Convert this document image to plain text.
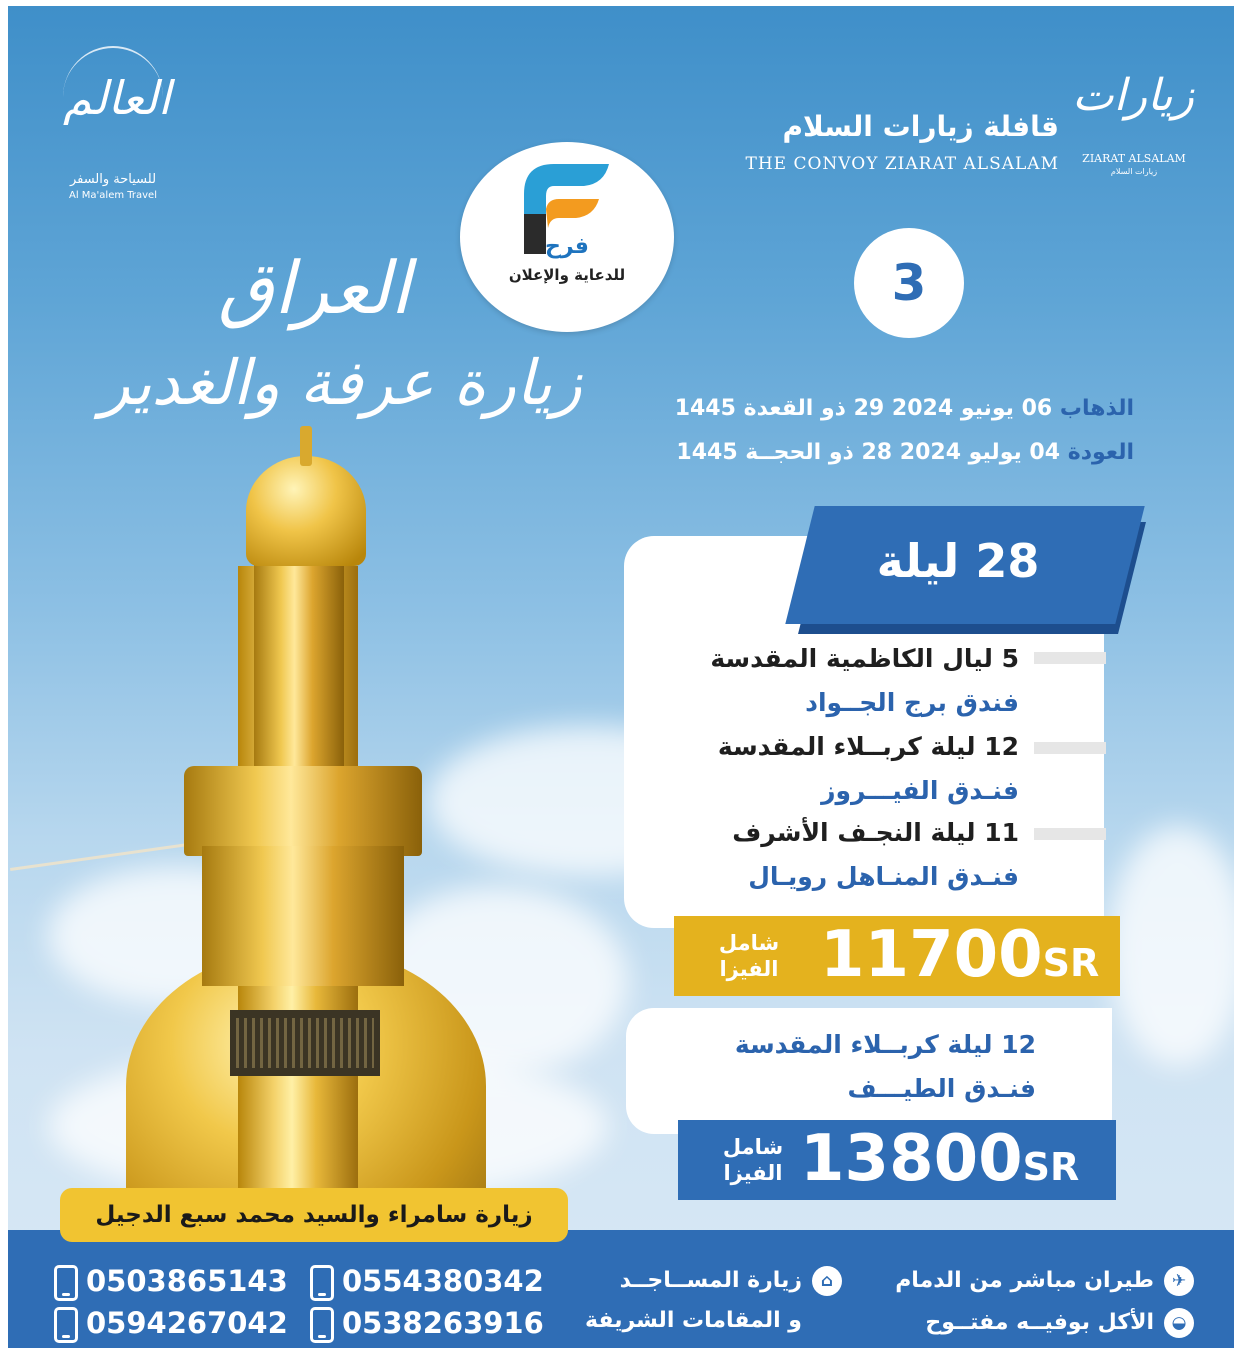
العالم
للسياحة والسفر
Al Ma'alem Travel
قافلة زيارات السلام
THE CONVOY ZIARAT ALSALAM
زيارات
ZIARAT ALSALAM
زيارات السلام
فرح
للدعاية والإعلان	3
العراق
زيارة عرفة والغدير	الذهاب 06 يونيو 2024 29 ذو القعدة 1445
العودة 04 يوليو 2024 28 ذو الحجــة 1445
28 ليلة
5 ليال الكاظمية المقدسة
فندق برج الجــواد
12 ليلة كربــلاء المقدسة
فنـدق الفيـــروز
11 ليلة النجـف الأشرف
فنـدق المنـاهل رويـال
11700SR
شامل
الفيزا
12 ليلة كربــلاء المقدسة
فنـدق الطيـــف
13800SR
شامل
الفيزا
0503865143	0554380342
0594267042	0538263916
⌂زيارة المســاجــد
و المقامات الشريفة
✈طيران مباشر من الدمام
◒الأكل بوفيــه مفتــوح
زيارة سامراء والسيد محمد سبع الدجيل
